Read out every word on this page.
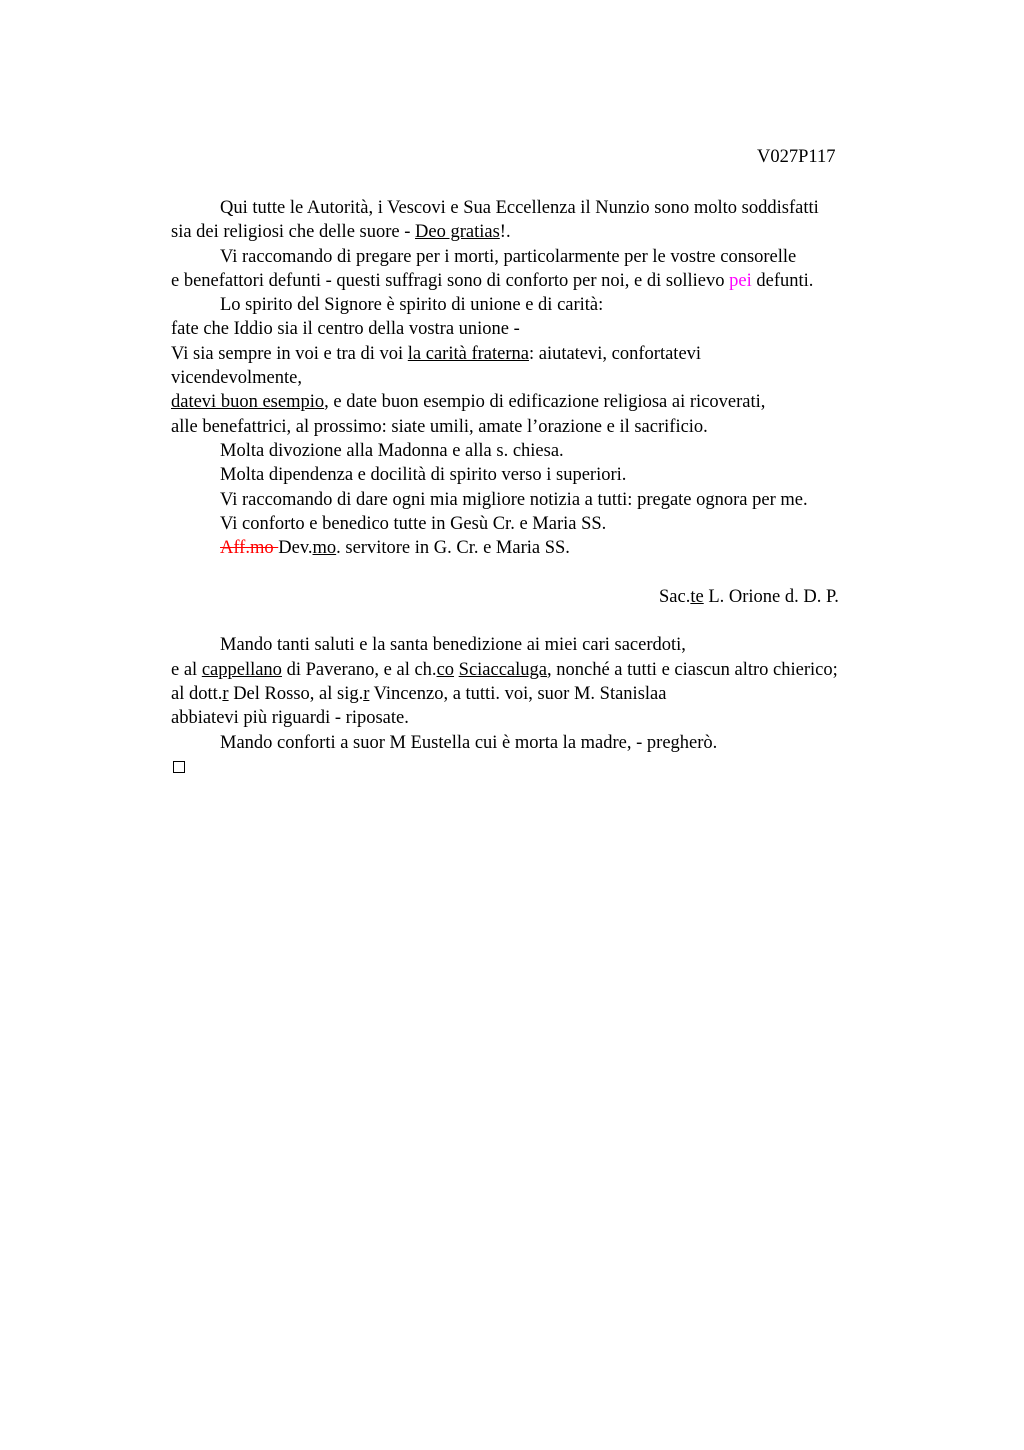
V027P117
Qui tutte le Autorità, i Vescovi e Sua Eccellenza il Nunzio sono molto soddisfatti
sia dei religiosi che delle suore - Deo gratias!.
Vi raccomando di pregare per i morti, particolarmente per le vostre consorelle
e benefattori defunti - questi suffragi sono di conforto per noi, e di sollievo pei defunti.
Lo spirito del Signore è spirito di unione e di carità:
fate che Iddio sia il centro della vostra unione -
Vi sia sempre in voi e tra di voi la carità fraterna: aiutatevi, confortatevi
vicendevolmente,
datevi buon esempio, e date buon esempio di edificazione religiosa ai ricoverati,
alle benefattrici, al prossimo: siate umili, amate l’orazione e il sacrificio.
Molta divozione alla Madonna e alla s. chiesa.
Molta dipendenza e docilità di spirito verso i superiori.
Vi raccomando di dare ogni mia migliore notizia a tutti: pregate ognora per me.
Vi conforto e benedico tutte in Gesù Cr. e Maria SS.
Aff.mo Dev.mo. servitore in G. Cr. e Maria SS.
Sac.te L. Orione d. D. P.
Mando tanti saluti e la santa benedizione ai miei cari sacerdoti,
e al cappellano di Paverano, e al ch.co Sciaccaluga, nonché a tutti e ciascun altro chierico;
al dott.r Del Rosso, al sig.r Vincenzo, a tutti. voi, suor M. Stanislaa
abbiatevi più riguardi - riposate.
Mando conforti a suor M Eustella cui è morta la madre, - pregherò.
